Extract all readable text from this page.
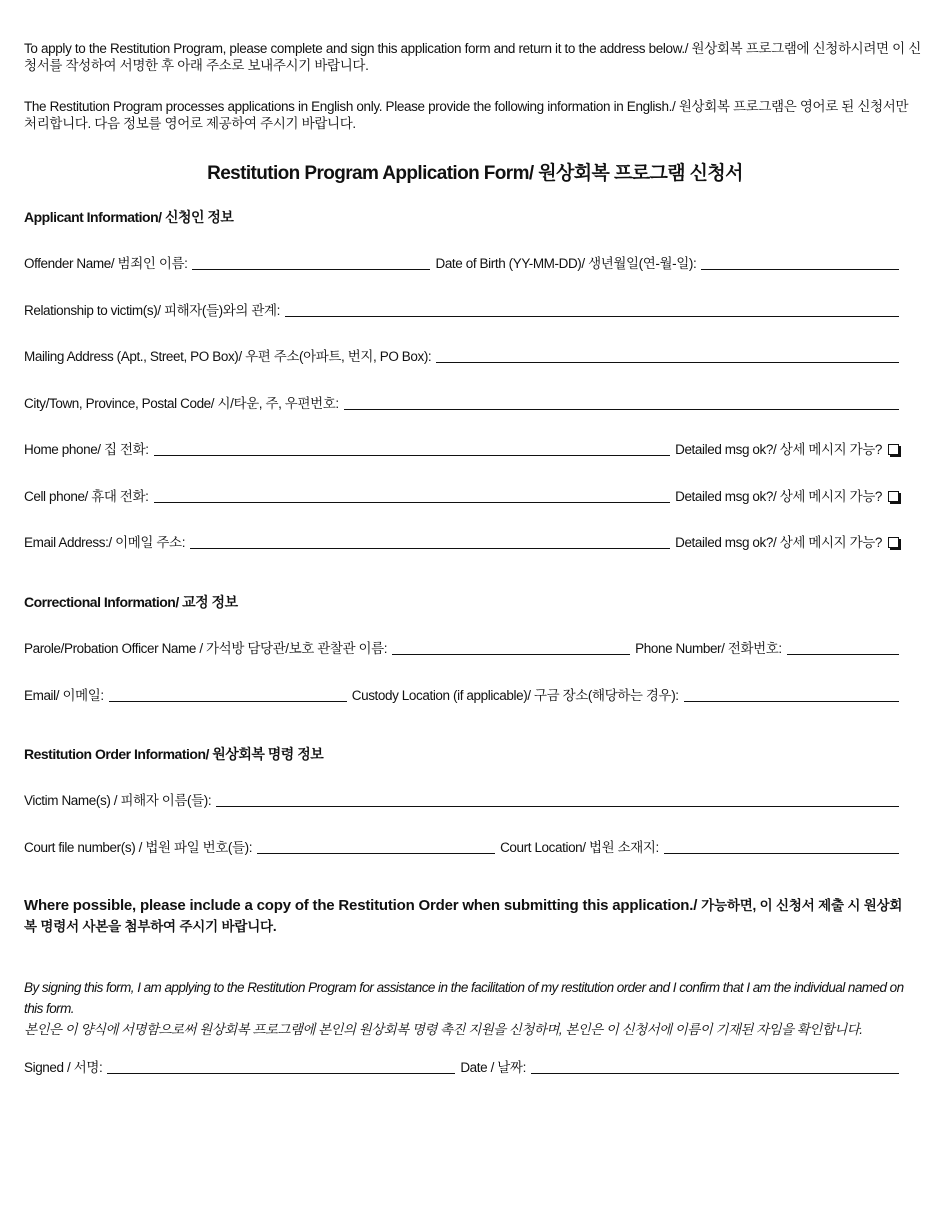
To apply to the Restitution Program, please complete and sign this application form and return it to the address below./ 원상회복 프로그램에 신청하시려면 이 신청서를 작성하여 서명한 후 아래 주소로 보내주시기 바랍니다.

The Restitution Program processes applications in English only. Please provide the following information in English./ 원상회복 프로그램은 영어로 된 신청서만 처리합니다. 다음 정보를 영어로 제공하여 주시기 바랍니다.

Restitution Program Application Form/ 원상회복 프로그램 신청서
Applicant Information/ 신청인 정보
Offender Name/ 범죄인 이름:	Date of Birth (YY-MM-DD)/ 생년월일(연-월-일):
Relationship to victim(s)/ 피해자(들)와의 관계:
Mailing Address (Apt., Street, PO Box)/ 우편 주소(아파트, 번지, PO Box):
City/Town, Province, Postal Code/ 시/타운, 주, 우편번호:
Home phone/ 집 전화:	Detailed msg ok?/ 상세 메시지 가능?
Cell phone/ 휴대 전화:	Detailed msg ok?/ 상세 메시지 가능?
Email Address:/ 이메일 주소:	Detailed msg ok?/ 상세 메시지 가능?
Correctional Information/ 교정 정보
Parole/Probation Officer Name / 가석방 담당관/보호 관찰관 이름:	Phone Number/ 전화번호:
Email/ 이메일:	Custody Location (if applicable)/ 구금 장소(해당하는 경우):
Restitution Order Information/ 원상회복 명령 정보
Victim Name(s) / 피해자 이름(들):
Court file number(s) / 법원 파일 번호(들):	Court Location/ 법원 소재지:

Where possible, please include a copy of the Restitution Order when submitting this application./ 가능하면, 이 신청서 제출 시 원상회복 명령서 사본을 첨부하여 주시기 바랍니다.

By signing this form, I am applying to the Restitution Program for assistance in the facilitation of my restitution order and I confirm that I am the individual named on this form.
본인은 이 양식에 서명함으로써 원상회복 프로그램에 본인의 원상회복 명령 촉진 지원을 신청하며, 본인은 이 신청서에 이름이 기재된 자임을 확인합니다.

Signed / 서명:	Date / 날짜:
